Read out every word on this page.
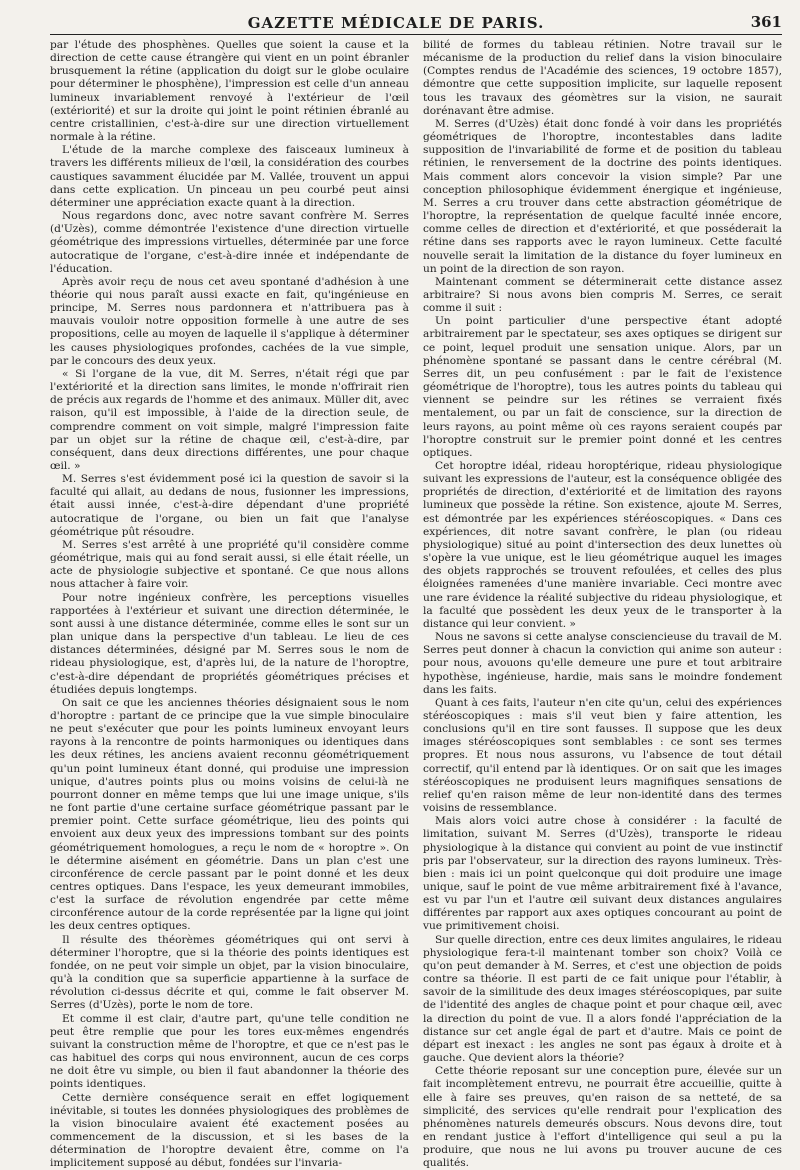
GAZETTE MÉDICALE DE PARIS.	361

par l'étude des phosphènes. Quelles que soient la cause et la direction de cette cause étrangère qui vient en un point ébranler brusquement la rétine (application du doigt sur le globe oculaire pour déterminer le phosphène), l'impression est celle d'un anneau lumineux invariablement renvoyé à l'extérieur de l'œil (extériorité) et sur la droite qui joint le point rétinien ébranlé au centre cristallinien, c'est-à-dire sur une direction virtuellement normale à la rétine.

L'étude de la marche complexe des faisceaux lumineux à travers les différents milieux de l'œil, la considération des courbes caustiques savamment élucidée par M. Vallée, trouvent un appui dans cette explication. Un pinceau un peu courbé peut ainsi déterminer une appréciation exacte quant à la direction.

Nous regardons donc, avec notre savant confrère M. Serres (d'Uzès), comme démontrée l'existence d'une direction virtuelle géométrique des impressions virtuelles, déterminée par une force autocratique de l'organe, c'est-à-dire innée et indépendante de l'éducation.

Après avoir reçu de nous cet aveu spontané d'adhésion à une théorie qui nous paraît aussi exacte en fait, qu'ingénieuse en principe, M. Serres nous pardonnera et n'attribuera pas à mauvais vouloir notre opposition formelle à une autre de ses propositions, celle au moyen de laquelle il s'applique à déterminer les causes physiologiques profondes, cachées de la vue simple, par le concours des deux yeux.

« Si l'organe de la vue, dit M. Serres, n'était régi que par l'extériorité et la direction sans limites, le monde n'offrirait rien de précis aux regards de l'homme et des animaux. Müller dit, avec raison, qu'il est impossible, à l'aide de la direction seule, de comprendre comment on voit simple, malgré l'impression faite par un objet sur la rétine de chaque œil, c'est-à-dire, par conséquent, dans deux directions différentes, une pour chaque œil. »

M. Serres s'est évidemment posé ici la question de savoir si la faculté qui allait, au dedans de nous, fusionner les impressions, était aussi innée, c'est-à-dire dépendant d'une propriété autocratique de l'organe, ou bien un fait que l'analyse géométrique pût résoudre.

M. Serres s'est arrêté à une propriété qu'il considère comme géométrique, mais qui au fond serait aussi, si elle était réelle, un acte de physiologie subjective et spontané. Ce que nous allons nous attacher à faire voir.

Pour notre ingénieux confrère, les perceptions visuelles rapportées à l'extérieur et suivant une direction déterminée, le sont aussi à une distance déterminée, comme elles le sont sur un plan unique dans la perspective d'un tableau. Le lieu de ces distances déterminées, désigné par M. Serres sous le nom de rideau physiologique, est, d'après lui, de la nature de l'horoptre, c'est-à-dire dépendant de propriétés géométriques précises et étudiées depuis longtemps.

On sait ce que les anciennes théories désignaient sous le nom d'horoptre : partant de ce principe que la vue simple binoculaire ne peut s'exécuter que pour les points lumineux envoyant leurs rayons à la rencontre de points harmoniques ou identiques dans les deux rétines, les anciens avaient reconnu géométriquement qu'un point lumineux étant donné, qui produise une impression unique, d'autres points plus ou moins voisins de celui-là ne pourront donner en même temps que lui une image unique, s'ils ne font partie d'une certaine surface géométrique passant par le premier point. Cette surface géométrique, lieu des points qui envoient aux deux yeux des impressions tombant sur des points géométriquement homologues, a reçu le nom de « horoptre ». On le détermine aisément en géométrie. Dans un plan c'est une circonférence de cercle passant par le point donné et les deux centres optiques. Dans l'espace, les yeux demeurant immobiles, c'est la surface de révolution engendrée par cette même circonférence autour de la corde représentée par la ligne qui joint les deux centres optiques.

Il résulte des théorèmes géométriques qui ont servi à déterminer l'horoptre, que si la théorie des points identiques est fondée, on ne peut voir simple un objet, par la vision binoculaire, qu'à la condition que sa superficie appartienne à la surface de révolution ci-dessus décrite et qui, comme le fait observer M. Serres (d'Uzès), porte le nom de tore.

Et comme il est clair, d'autre part, qu'une telle condition ne peut être remplie que pour les tores eux-mêmes engendrés suivant la construction même de l'horoptre, et que ce n'est pas le cas habituel des corps qui nous environnent, aucun de ces corps ne doit être vu simple, ou bien il faut abandonner la théorie des points identiques.

Cette dernière conséquence serait en effet logiquement inévitable, si toutes les données physiologiques des problèmes de la vision binoculaire avaient été exactement posées au commencement de la discussion, et si les bases de la détermination de l'horoptre devaient être, comme on l'a implicitement supposé au début, fondées sur l'invaria-

bilité de formes du tableau rétinien. Notre travail sur le mécanisme de la production du relief dans la vision binoculaire (Comptes rendus de l'Académie des sciences, 19 octobre 1857), démontre que cette supposition implicite, sur laquelle reposent tous les travaux des géomètres sur la vision, ne saurait dorénavant être admise.

M. Serres (d'Uzès) était donc fondé à voir dans les propriétés géométriques de l'horoptre, incontestables dans ladite supposition de l'invariabilité de forme et de position du tableau rétinien, le renversement de la doctrine des points identiques. Mais comment alors concevoir la vision simple? Par une conception philosophique évidemment énergique et ingénieuse, M. Serres a cru trouver dans cette abstraction géométrique de l'horoptre, la représentation de quelque faculté innée encore, comme celles de direction et d'extériorité, et que posséderait la rétine dans ses rapports avec le rayon lumineux. Cette faculté nouvelle serait la limitation de la distance du foyer lumineux en un point de la direction de son rayon.

Maintenant comment se déterminerait cette distance assez arbitraire? Si nous avons bien compris M. Serres, ce serait comme il suit :

Un point particulier d'une perspective étant adopté arbitrairement par le spectateur, ses axes optiques se dirigent sur ce point, lequel produit une sensation unique. Alors, par un phénomène spontané se passant dans le centre cérébral (M. Serres dit, un peu confusément : par le fait de l'existence géométrique de l'horoptre), tous les autres points du tableau qui viennent se peindre sur les rétines se verraient fixés mentalement, ou par un fait de conscience, sur la direction de leurs rayons, au point même où ces rayons seraient coupés par l'horoptre construit sur le premier point donné et les centres optiques.

Cet horoptre idéal, rideau horoptérique, rideau physiologique suivant les expressions de l'auteur, est la conséquence obligée des propriétés de direction, d'extériorité et de limitation des rayons lumineux que possède la rétine. Son existence, ajoute M. Serres, est démontrée par les expériences stéréoscopiques. « Dans ces expériences, dit notre savant confrère, le plan (ou rideau physiologique) situé au point d'intersection des deux lunettes où s'opère la vue unique, est le lieu géométrique auquel les images des objets rapprochés se trouvent refoulées, et celles des plus éloignées ramenées d'une manière invariable. Ceci montre avec une rare évidence la réalité subjective du rideau physiologique, et la faculté que possèdent les deux yeux de le transporter à la distance qui leur convient. »

Nous ne savons si cette analyse consciencieuse du travail de M. Serres peut donner à chacun la conviction qui anime son auteur : pour nous, avouons qu'elle demeure une pure et tout arbitraire hypothèse, ingénieuse, hardie, mais sans le moindre fondement dans les faits.

Quant à ces faits, l'auteur n'en cite qu'un, celui des expériences stéréoscopiques : mais s'il veut bien y faire attention, les conclusions qu'il en tire sont fausses. Il suppose que les deux images stéréoscopiques sont semblables : ce sont ses termes propres. Et nous nous assurons, vu l'absence de tout détail correctif, qu'il entend par là identiques. Or on sait que les images stéréoscopiques ne produisent leurs magnifiques sensations de relief qu'en raison même de leur non-identité dans des termes voisins de ressemblance.

Mais alors voici autre chose à considérer : la faculté de limitation, suivant M. Serres (d'Uzès), transporte le rideau physiologique à la distance qui convient au point de vue instinctif pris par l'observateur, sur la direction des rayons lumineux. Très-bien : mais ici un point quelconque qui doit produire une image unique, sauf le point de vue même arbitrairement fixé à l'avance, est vu par l'un et l'autre œil suivant deux distances angulaires différentes par rapport aux axes optiques concourant au point de vue primitivement choisi.

Sur quelle direction, entre ces deux limites angulaires, le rideau physiologique fera-t-il maintenant tomber son choix? Voilà ce qu'on peut demander à M. Serres, et c'est une objection de poids contre sa théorie. Il est parti de ce fait unique pour l'établir, à savoir de la similitude des deux images stéréoscopiques, par suite de l'identité des angles de chaque point et pour chaque œil, avec la direction du point de vue. Il a alors fondé l'appréciation de la distance sur cet angle égal de part et d'autre. Mais ce point de départ est inexact : les angles ne sont pas égaux à droite et à gauche. Que devient alors la théorie?

Cette théorie reposant sur une conception pure, élevée sur un fait incomplètement entrevu, ne pourrait être accueillie, quitte à elle à faire ses preuves, qu'en raison de sa netteté, de sa simplicité, des services qu'elle rendrait pour l'explication des phénomènes naturels demeurés obscurs. Nous devons dire, tout en rendant justice à l'effort d'intelligence qui seul a pu la produire, que nous ne lui avons pu trouver aucune de ces qualités.
